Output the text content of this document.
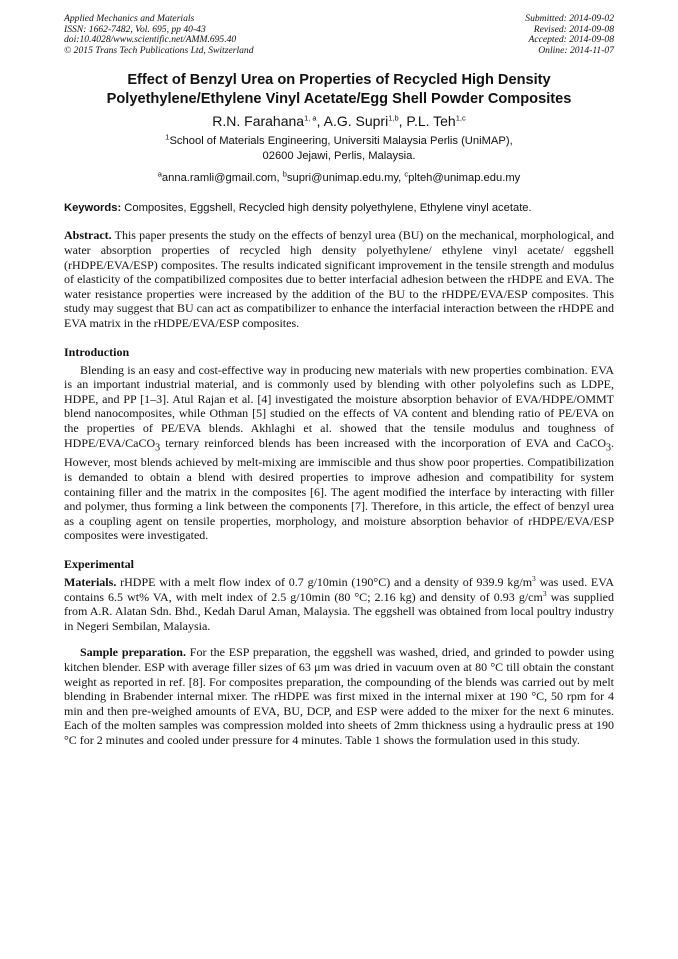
Applied Mechanics and Materials
ISSN: 1662-7482, Vol. 695, pp 40-43
doi:10.4028/www.scientific.net/AMM.695.40
© 2015 Trans Tech Publications Ltd, Switzerland
Submitted: 2014-09-02
Revised: 2014-09-08
Accepted: 2014-09-08
Online: 2014-11-07
Effect of Benzyl Urea on Properties of Recycled High Density
Polyethylene/Ethylene Vinyl Acetate/Egg Shell Powder Composites
R.N. Farahana$^{1, a}$, A.G. Supri$^{1,b}$, P.L. Teh$^{1,c}$
$^1$School of Materials Engineering, Universiti Malaysia Perlis (UniMAP),
02600 Jejawi, Perlis, Malaysia.
$^a$anna.ramli@gmail.com, $^b$supri@unimap.edu.my, $^c$plteh@unimap.edu.my
Keywords: Composites, Eggshell, Recycled high density polyethylene, Ethylene vinyl acetate.

Abstract. This paper presents the study on the effects of benzyl urea (BU) on the mechanical, morphological, and water absorption properties of recycled high density polyethylene/ ethylene vinyl acetate/ eggshell (rHDPE/EVA/ESP) composites. The results indicated significant improvement in the tensile strength and modulus of elasticity of the compatibilized composites due to better interfacial adhesion between the rHDPE and EVA. The water resistance properties were increased by the addition of the BU to the rHDPE/EVA/ESP composites. This study may suggest that BU can act as compatibilizer to enhance the interfacial interaction between the rHDPE and EVA matrix in the rHDPE/EVA/ESP composites.

Introduction

Blending is an easy and cost-effective way in producing new materials with new properties combination. EVA is an important industrial material, and is commonly used by blending with other polyolefins such as LDPE, HDPE, and PP [1–3]. Atul Rajan et al. [4] investigated the moisture absorption behavior of EVA/HDPE/OMMT blend nanocomposites, while Othman [5] studied on the effects of VA content and blending ratio of PE/EVA on the properties of PE/EVA blends. Akhlaghi et al. showed that the tensile modulus and toughness of HDPE/EVA/CaCO$_3$ ternary reinforced blends has been increased with the incorporation of EVA and CaCO$_3$. However, most blends achieved by melt-mixing are immiscible and thus show poor properties. Compatibilization is demanded to obtain a blend with desired properties to improve adhesion and compatibility for system containing filler and the matrix in the composites [6]. The agent modified the interface by interacting with filler and polymer, thus forming a link between the components [7]. Therefore, in this article, the effect of benzyl urea as a coupling agent on tensile properties, morphology, and moisture absorption behavior of rHDPE/EVA/ESP composites were investigated.

Experimental

Materials. rHDPE with a melt flow index of 0.7 g/10min (190°C) and a density of 939.9 $kg/m^3$ was used. EVA contains 6.5 wt% VA, with melt index of 2.5 g/10min (80 °C; 2.16 kg) and density of 0.93 $g/cm^3$ was supplied from A.R. Alatan Sdn. Bhd., Kedah Darul Aman, Malaysia. The eggshell was obtained from local poultry industry in Negeri Sembilan, Malaysia.

Sample preparation. For the ESP preparation, the eggshell was washed, dried, and grinded to powder using kitchen blender. ESP with average filler sizes of 63 μm was dried in vacuum oven at 80 °C till obtain the constant weight as reported in ref. [8]. For composites preparation, the compounding of the blends was carried out by melt blending in Brabender internal mixer. The rHDPE was first mixed in the internal mixer at 190 °C, 50 rpm for 4 min and then pre-weighed amounts of EVA, BU, DCP, and ESP were added to the mixer for the next 6 minutes. Each of the molten samples was compression molded into sheets of 2mm thickness using a hydraulic press at 190 °C for 2 minutes and cooled under pressure for 4 minutes. Table 1 shows the formulation used in this study.
